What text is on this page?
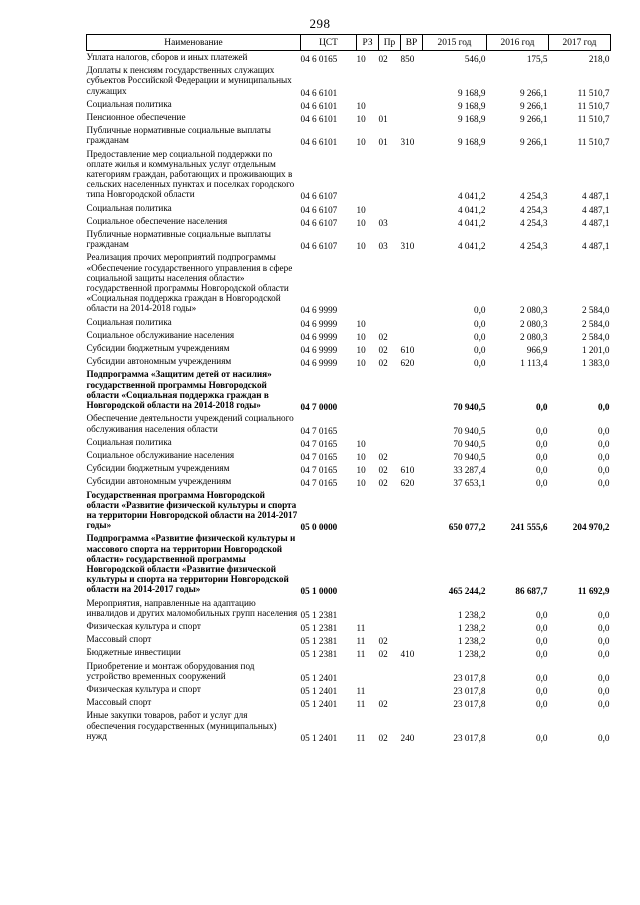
298
Наименование	ЦСТ	РЗ	Пр	ВР	2015 год	2016 год	2017 год
Уплата налогов, сборов и иных платежей	04 6 0165	10	02	850	546,0	175,5	218,0
Доплаты к пенсиям государственных служащих субъектов Российской Федерации и муниципальных служащих	04 6 6101				9 168,9	9 266,1	11 510,7
Социальная политика	04 6 6101	10			9 168,9	9 266,1	11 510,7
Пенсионное обеспечение	04 6 6101	10	01		9 168,9	9 266,1	11 510,7
Публичные нормативные социальные выплаты гражданам	04 6 6101	10	01	310	9 168,9	9 266,1	11 510,7
Предоставление мер социальной поддержки по оплате жилья и коммунальных услуг отдельным категориям граждан, работающих и проживающих в сельских населенных пунктах и поселках городского типа Новгородской области	04 6 6107				4 041,2	4 254,3	4 487,1
Социальная политика	04 6 6107	10			4 041,2	4 254,3	4 487,1
Социальное обеспечение населения	04 6 6107	10	03		4 041,2	4 254,3	4 487,1
Публичные нормативные социальные выплаты гражданам	04 6 6107	10	03	310	4 041,2	4 254,3	4 487,1
Реализация прочих мероприятий подпрограммы «Обеспечение государственного управления в сфере социальной защиты населения области» государственной программы Новгородской области «Социальная поддержка граждан в Новгородской области на 2014-2018 годы»	04 6 9999				0,0	2 080,3	2 584,0
Социальная политика	04 6 9999	10			0,0	2 080,3	2 584,0
Социальное обслуживание населения	04 6 9999	10	02		0,0	2 080,3	2 584,0
Субсидии бюджетным учреждениям	04 6 9999	10	02	610	0,0	966,9	1 201,0
Субсидии автономным учреждениям	04 6 9999	10	02	620	0,0	1 113,4	1 383,0
Подпрограмма «Защитим детей от насилия» государственной программы Новгородской области «Социальная поддержка граждан в Новгородской области на 2014-2018 годы»	04 7 0000				70 940,5	0,0	0,0
Обеспечение деятельности учреждений социального обслуживания населения области	04 7 0165				70 940,5	0,0	0,0
Социальная политика	04 7 0165	10			70 940,5	0,0	0,0
Социальное обслуживание населения	04 7 0165	10	02		70 940,5	0,0	0,0
Субсидии бюджетным учреждениям	04 7 0165	10	02	610	33 287,4	0,0	0,0
Субсидии автономным учреждениям	04 7 0165	10	02	620	37 653,1	0,0	0,0
Государственная программа Новгородской области «Развитие физической культуры и спорта на территории Новгородской области на 2014-2017 годы»	05 0 0000				650 077,2	241 555,6	204 970,2
Подпрограмма «Развитие физической культуры и массового спорта на территории Новгородской области» государственной программы Новгородской области «Развитие физической культуры и спорта на территории Новгородской области на 2014-2017 годы»	05 1 0000				465 244,2	86 687,7	11 692,9
Мероприятия, направленные на адаптацию инвалидов и других маломобильных групп населения	05 1 2381				1 238,2	0,0	0,0
Физическая культура и спорт	05 1 2381	11			1 238,2	0,0	0,0
Массовый спорт	05 1 2381	11	02		1 238,2	0,0	0,0
Бюджетные инвестиции	05 1 2381	11	02	410	1 238,2	0,0	0,0
Приобретение и монтаж оборудования под устройство временных сооружений	05 1 2401				23 017,8	0,0	0,0
Физическая культура и спорт	05 1 2401	11			23 017,8	0,0	0,0
Массовый спорт	05 1 2401	11	02		23 017,8	0,0	0,0
Иные закупки товаров, работ и услуг для обеспечения государственных (муниципальных) нужд	05 1 2401	11	02	240	23 017,8	0,0	0,0
